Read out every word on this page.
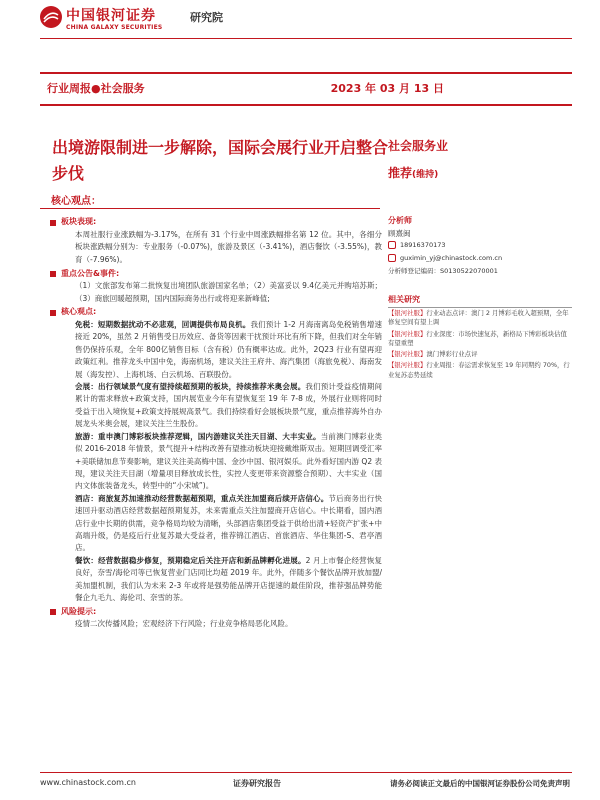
中国银河证券
CHINA GALAXY SECURITIES
研究院
行业周报●社会服务	2023 年 03 月 13 日
出境游限制进一步解除，国际会展行业开启整合步伐
社会服务业
推荐(维持)
核心观点：
板块表现:

本周社服行业涨跌幅为-3.17%，在所有 31 个行业中周涨跌幅排名第 12 位。其中，各细分板块涨跌幅分别为：专业服务（-0.07%)，旅游及景区（-3.41%)，酒店餐饮（-3.55%)，教育（-7.96%)。

重点公告&事件:

（1）文旅部发布第二批恢复出境团队旅游国家名单；（2）美富妥以 9.4亿美元并购培苏斯；（3）商旅回暖超预期，国内国际商务出行或将迎来新峰值;

核心观点:

免税：短期数据扰动不必悲观，回调提供布局良机。我们预计 1-2 月海南离岛免税销售增速接近 20%，虽然 2 月销售受日历效应、备货等因素干扰预计环比有所下降，但我们对全年销售仍保持乐观，全年 800亿销售目标（含有税）仍有概率达成。此外，2Q23 行业有望再迎政策红利。推荐龙头中国中免，海南机场，建议关注王府井、海汽集团（海旅免税）、海南发展（海发控）、上海机场、白云机场、百联股份。

会展：出行领域景气度有望持续超预期的板块，持续推荐米奥会展。我们预计受益疫情期间累计的需求释放+政策支持，国内展览业今年有望恢复至 19 年 7-8 成，外展行业则将同时受益于出入境恢复+政策支持展规高景气。我们持续看好会展板块景气度，重点推荐海外自办展龙头米奥会展，建议关注兰生股份。

旅游：重申澳门博彩板块推荐逻辑，国内游建议关注天目湖、大丰实业。当前澳门博彩业类似 2016-2018 年情景，景气提升+结构改善有望推动板块迎接戴维斯双击。短期回调受汇率+美联储加息节奏影响，建议关注美高梅中国、金沙中国、银河娱乐。此外看好国内游 Q2 表现，建议关注天目湖（增量项目释放成长性，实控人变更带来资源整合预期）、大丰实业（国内文体旅装备龙头，转型中的“小宋城”)。

酒店：商旅复苏加速推动经营数据超预期，重点关注加盟商后续开店信心。节后商务出行快速回升驱动酒店经营数据超预期复苏，未来需重点关注加盟商开店信心。中长期看，国内酒店行业中长期的供需，竞争格局均较为清晰，头部酒店集团受益于供给出清+轻资产扩张+中高端升级，仍是疫后行业复苏最大受益者，推荐锦江酒店、首旅酒店、华住集团-S、君亭酒店。

餐饮：经营数据稳步修复，预期稳定后关注开店和新品牌孵化进展。2 月上市餐企经营恢复良好，奈雪/海伦司等已恢复营业门店同比均超 2019 年。此外，伴随多个餐饮品牌开放加盟/美加盟机制，我们认为未来 2-3 年或将是强势能品牌开店提速的最佳阶段，推荐强品牌势能餐企九毛九、海伦司、奈雪的茶。

风险提示:

疫情二次传播风险；宏观经济下行风险；行业竞争格局恶化风险。

分析师
顾熹闽
18916370173
guximin_yj@chinastock.com.cn
分析师登记编码： S0130522070001
相关研究

【银河社服】行业动态点评：澳门 2 月博彩毛收入超预期，全年修复空间有望上调

【银河社服】行业深度：市场快速复苏，新格局下博彩板块估值有望重塑

【银河社服】澳门博彩行业点评

【银河社服】行业周报：春运需求恢复至 19 年同期约 70%，行业复苏态势延续

www.chinastock.com.cn	证券研究报告	请务必阅读正文最后的中国银河证券股份公司免责声明
